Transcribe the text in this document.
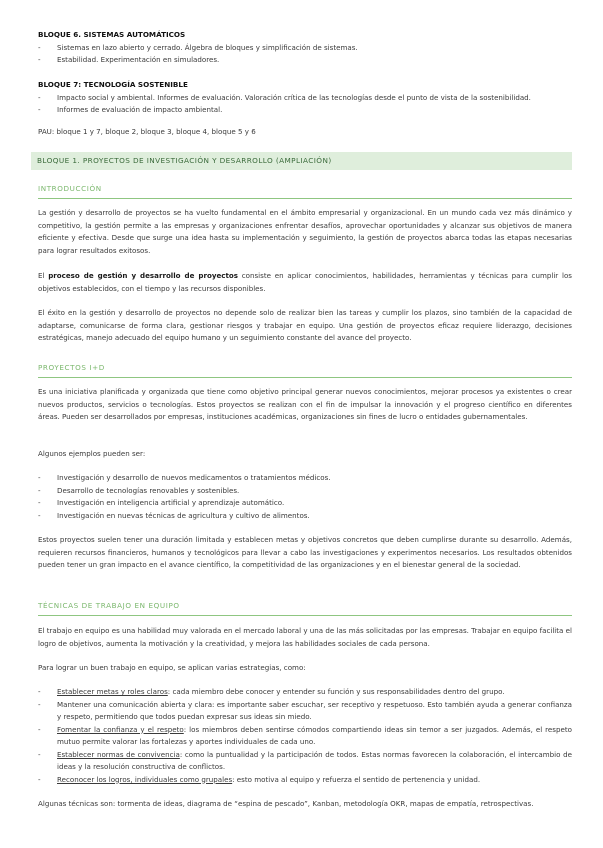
BLOQUE 6. SISTEMAS AUTOMÁTICOS
- Sistemas en lazo abierto y cerrado. Álgebra de bloques y simplificación de sistemas.
- Estabilidad. Experimentación en simuladores.
BLOQUE 7: TECNOLOGÍA SOSTENIBLE
- Impacto social y ambiental. Informes de evaluación. Valoración crítica de las tecnologías desde el punto de vista de la sostenibilidad.
- Informes de evaluación de impacto ambiental.
PAU: bloque 1 y 7, bloque 2, bloque 3, bloque 4, bloque 5 y 6
BLOQUE 1. PROYECTOS DE INVESTIGACIÓN Y DESARROLLO (AMPLIACIÓN)
INTRODUCCIÓN
La gestión y desarrollo de proyectos se ha vuelto fundamental en el ámbito empresarial y organizacional. En un mundo cada vez más dinámico y competitivo, la gestión permite a las empresas y organizaciones enfrentar desafíos, aprovechar oportunidades y alcanzar sus objetivos de manera eficiente y efectiva. Desde que surge una idea hasta su implementación y seguimiento, la gestión de proyectos abarca todas las etapas necesarias para lograr resultados exitosos.
El proceso de gestión y desarrollo de proyectos consiste en aplicar conocimientos, habilidades, herramientas y técnicas para cumplir los objetivos establecidos, con el tiempo y las recursos disponibles.
El éxito en la gestión y desarrollo de proyectos no depende solo de realizar bien las tareas y cumplir los plazos, sino también de la capacidad de adaptarse, comunicarse de forma clara, gestionar riesgos y trabajar en equipo. Una gestión de proyectos eficaz requiere liderazgo, decisiones estratégicas, manejo adecuado del equipo humano y un seguimiento constante del avance del proyecto.
PROYECTOS I+D
Es una iniciativa planificada y organizada que tiene como objetivo principal generar nuevos conocimientos, mejorar procesos ya existentes o crear nuevos productos, servicios o tecnologías. Estos proyectos se realizan con el fin de impulsar la innovación y el progreso científico en diferentes áreas. Pueden ser desarrollados por empresas, instituciones académicas, organizaciones sin fines de lucro o entidades gubernamentales.
Algunos ejemplos pueden ser:
- Investigación y desarrollo de nuevos medicamentos o tratamientos médicos.
- Desarrollo de tecnologías renovables y sostenibles.
- Investigación en inteligencia artificial y aprendizaje automático.
- Investigación en nuevas técnicas de agricultura y cultivo de alimentos.
Estos proyectos suelen tener una duración limitada y establecen metas y objetivos concretos que deben cumplirse durante su desarrollo. Además, requieren recursos financieros, humanos y tecnológicos para llevar a cabo las investigaciones y experimentos necesarios. Los resultados obtenidos pueden tener un gran impacto en el avance científico, la competitividad de las organizaciones y en el bienestar general de la sociedad.
TÉCNICAS DE TRABAJO EN EQUIPO
El trabajo en equipo es una habilidad muy valorada en el mercado laboral y una de las más solicitadas por las empresas. Trabajar en equipo facilita el logro de objetivos, aumenta la motivación y la creatividad, y mejora las habilidades sociales de cada persona.
Para lograr un buen trabajo en equipo, se aplican varias estrategias, como:
- Establecer metas y roles claros: cada miembro debe conocer y entender su función y sus responsabilidades dentro del grupo.
- Mantener una comunicación abierta y clara: es importante saber escuchar, ser receptivo y respetuoso. Esto también ayuda a generar confianza y respeto, permitiendo que todos puedan expresar sus ideas sin miedo.
- Fomentar la confianza y el respeto: los miembros deben sentirse cómodos compartiendo ideas sin temor a ser juzgados. Además, el respeto mutuo permite valorar las fortalezas y aportes individuales de cada uno.
- Establecer normas de convivencia: como la puntualidad y la participación de todos. Estas normas favorecen la colaboración, el intercambio de ideas y la resolución constructiva de conflictos.
- Reconocer los logros, individuales como grupales: esto motiva al equipo y refuerza el sentido de pertenencia y unidad.
Algunas técnicas son: tormenta de ideas, diagrama de “espina de pescado”, Kanban, metodología OKR, mapas de empatía, retrospectivas.
